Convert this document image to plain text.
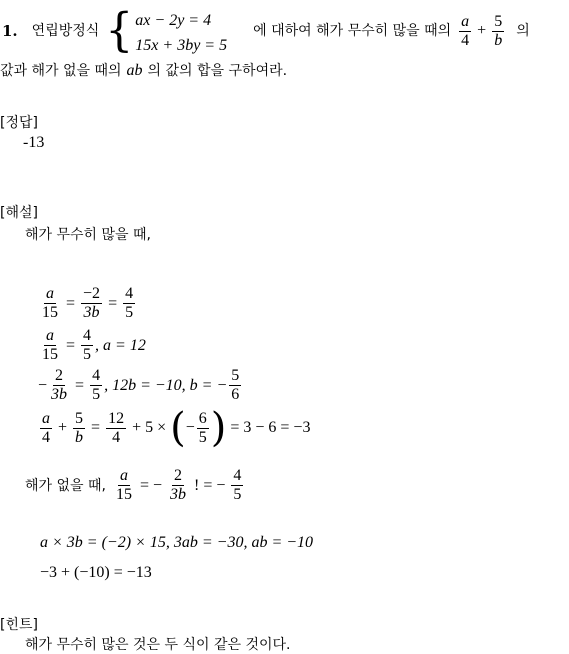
1. 연립방정식 { ax − 2y = 4
15x + 3by = 5
에 대하여 해가 무수히 많을 때의 $\frac{a}{4} + \frac{5}{b}$ 의
값과 해가 없을 때의 ab 의 값의 합을 구하여라.
[정답]
-13
[해설]
해가 무수히 많을 때,
$\frac{a}{15} = \frac{-2}{3b} = \frac{4}{5}$
$\frac{a}{15} = \frac{4}{5}$ , a = 12
− $\frac{2}{3b} = \frac{4}{5}$ , 12b = −10, b = − $\frac{5}{6}$
$\frac{a}{4} + \frac{5}{b} = \frac{12}{4} + 5$ × ( − $\frac{6}{5}$ ) = 3 − 6 = −3
해가 없을 때, $\frac{a}{15}$ = − $\frac{2}{3b}$ ! = − $\frac{4}{5}$
a × 3b = (−2) × 15, 3ab = −30, ab = −10
−3 + (−10) = −13
[힌트]
해가 무수히 많은 것은 두 식이 같은 것이다.
